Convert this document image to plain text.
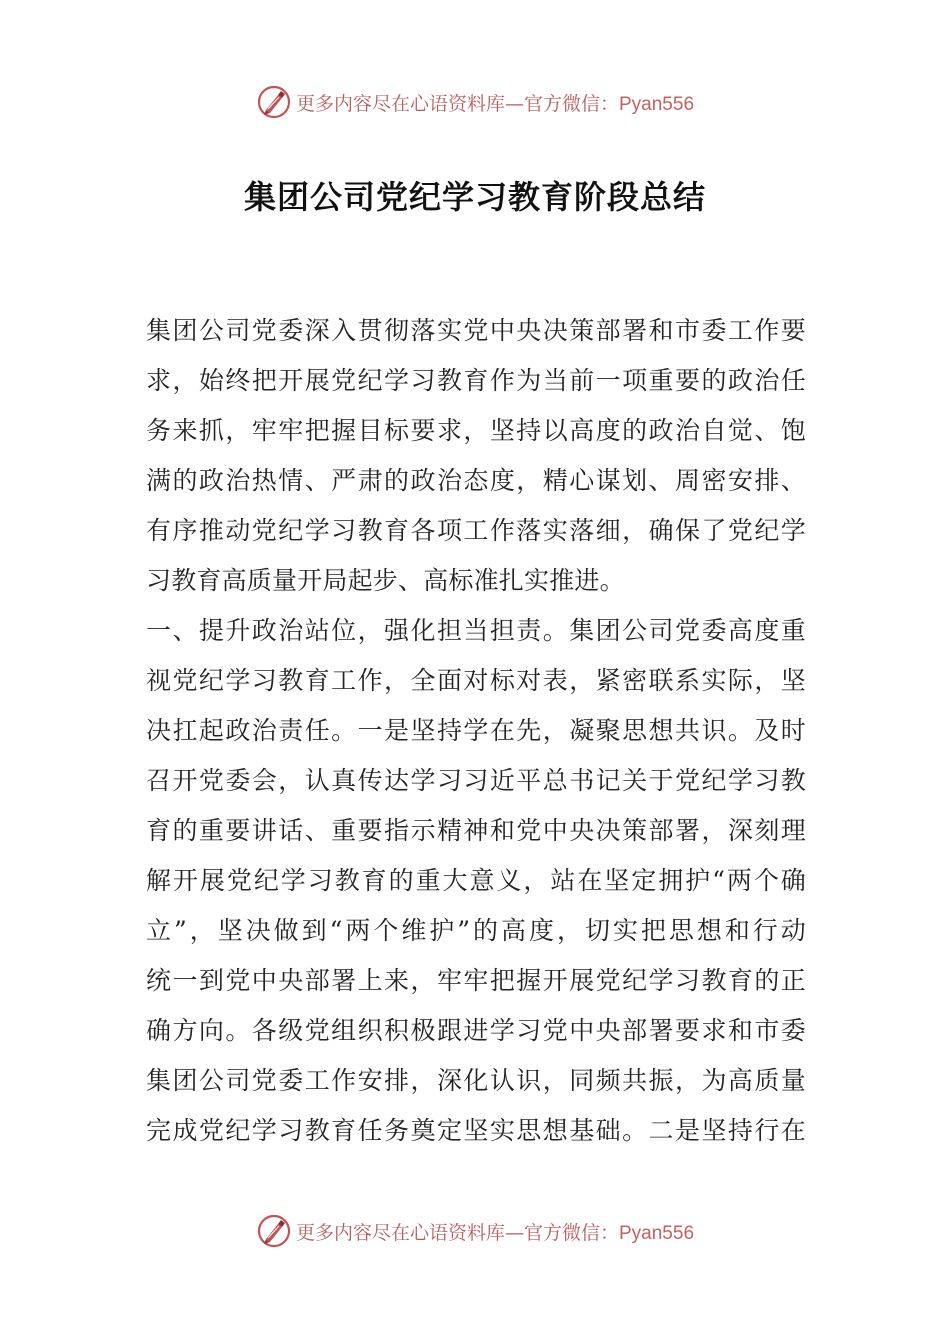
更多内容尽在心语资料库—官方微信：Pyan556
集团公司党纪学习教育阶段总结
集团公司党委深入贯彻落实党中央决策部署和市委工作要
求，始终把开展党纪学习教育作为当前一项重要的政治任
务来抓，牢牢把握目标要求，坚持以高度的政治自觉、饱
满的政治热情、严肃的政治态度，精心谋划、周密安排、
有序推动党纪学习教育各项工作落实落细，确保了党纪学
习教育高质量开局起步、高标准扎实推进。
一、提升政治站位，强化担当担责。集团公司党委高度重
视党纪学习教育工作，全面对标对表，紧密联系实际，坚
决扛起政治责任。一是坚持学在先，凝聚思想共识。及时
召开党委会，认真传达学习习近平总书记关于党纪学习教
育的重要讲话、重要指示精神和党中央决策部署，深刻理
解开展党纪学习教育的重大意义，站在坚定拥护“两个确
立”，坚决做到“两个维护”的高度，切实把思想和行动
统一到党中央部署上来，牢牢把握开展党纪学习教育的正
确方向。各级党组织积极跟进学习党中央部署要求和市委
集团公司党委工作安排，深化认识，同频共振，为高质量
完成党纪学习教育任务奠定坚实思想基础。二是坚持行在
更多内容尽在心语资料库—官方微信：Pyan556
